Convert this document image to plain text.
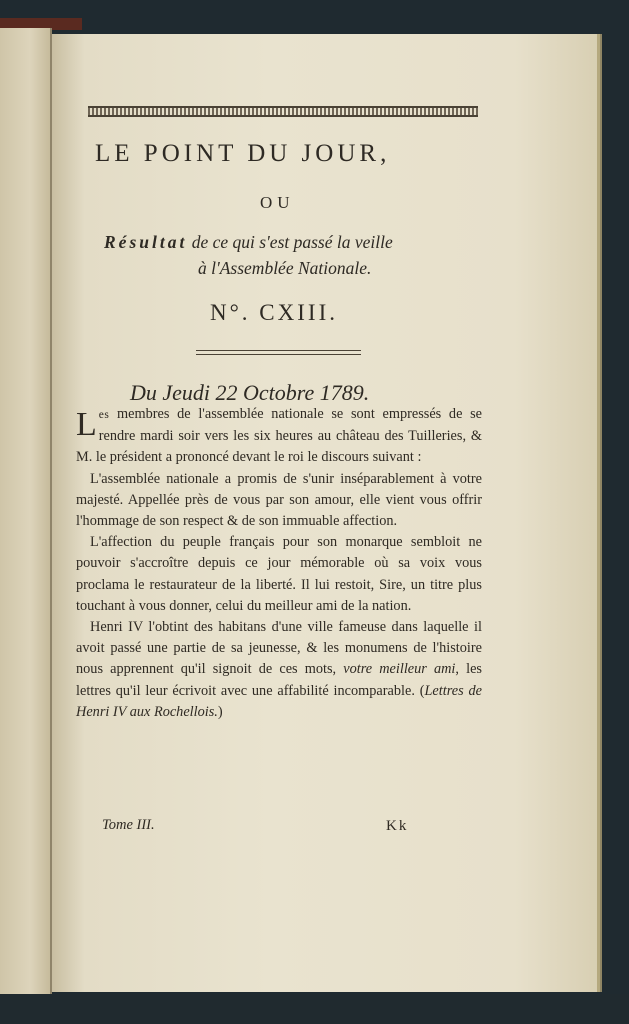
LE POINT DU JOUR,
OU
Résultat de ce qui s'est passé la veille
à l'Assemblée Nationale.
N°. CXIII.
Du Jeudi 22 Octobre 1789.

Les membres de l'assemblée nationale se sont empressés de se rendre mardi soir vers les six heures au château des Tuilleries, & M. le président a prononcé devant le roi le discours suivant :

L'assemblée nationale a promis de s'unir inséparablement à votre majesté. Appellée près de vous par son amour, elle vient vous offrir l'hommage de son respect & de son immuable affection.

L'affection du peuple français pour son monarque sembloit ne pouvoir s'accroître depuis ce jour mémorable où sa voix vous proclama le restaurateur de la liberté. Il lui restoit, Sire, un titre plus touchant à vous donner, celui du meilleur ami de la nation.

Henri IV l'obtint des habitans d'une ville fameuse dans laquelle il avoit passé une partie de sa jeunesse, & les monumens de l'histoire nous apprennent qu'il signoit de ces mots, votre meilleur ami, les lettres qu'il leur écrivoit avec une affabilité incomparable. (Lettres de Henri IV aux Rochellois.)

Tome III.	Kk
